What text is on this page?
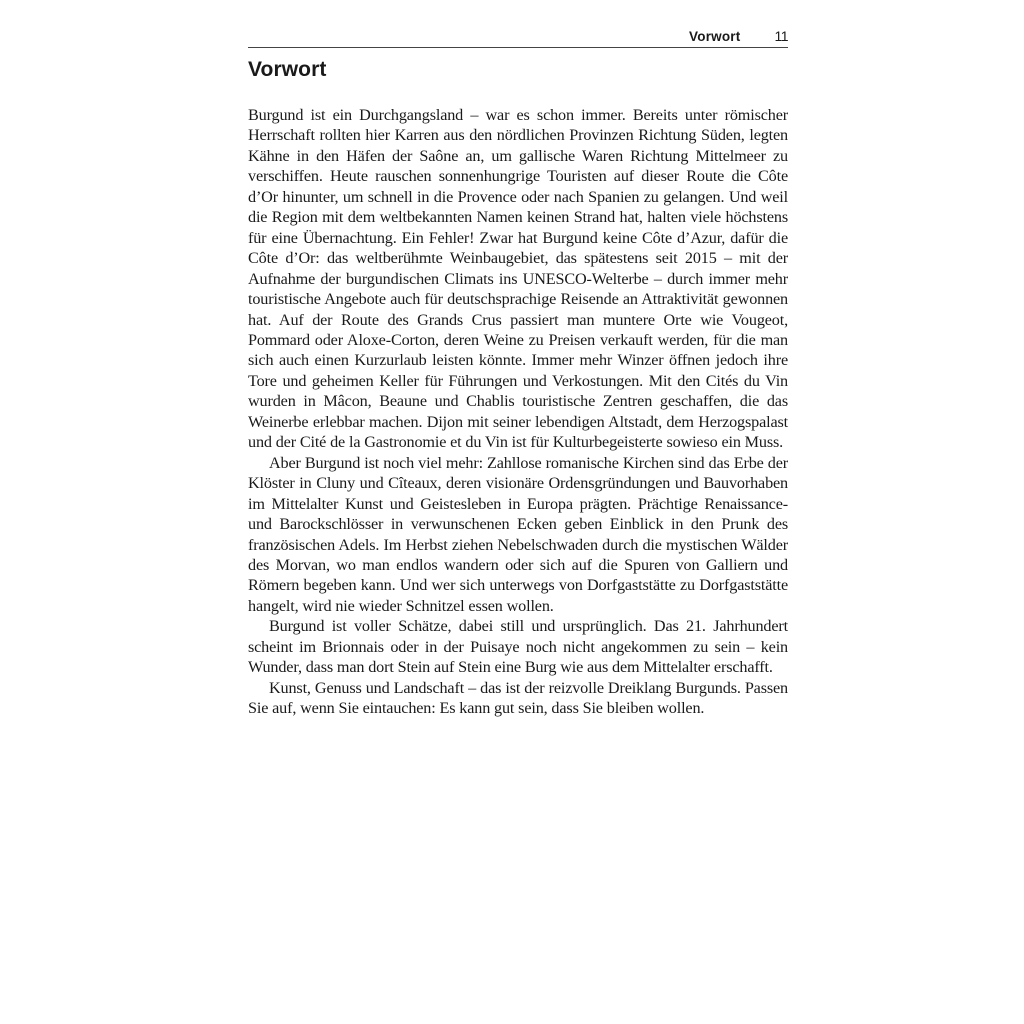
Vorwort 11
Vorwort

Burgund ist ein Durchgangsland – war es schon immer. Bereits unter römischer Herrschaft rollten hier Karren aus den nördlichen Provinzen Richtung Süden, legten Kähne in den Häfen der Saône an, um gallische Waren Richtung Mittelmeer zu verschiffen. Heute rauschen sonnenhungrige Touristen auf dieser Route die Côte d’Or hinunter, um schnell in die Provence oder nach Spanien zu gelangen. Und weil die Region mit dem weltbekannten Namen keinen Strand hat, halten viele höchstens für eine Übernachtung. Ein Fehler! Zwar hat Burgund keine Côte d’Azur, dafür die Côte d’Or: das weltberühmte Weinbaugebiet, das spätestens seit 2015 – mit der Aufnahme der burgundischen Climats ins UNESCO-Welterbe – durch immer mehr touristische Angebote auch für deutschsprachige Reisende an Attraktivität gewonnen hat. Auf der Route des Grands Crus passiert man muntere Orte wie Vougeot, Pommard oder Aloxe-Corton, deren Weine zu Preisen verkauft werden, für die man sich auch einen Kurzurlaub leisten könnte. Immer mehr Winzer öffnen jedoch ihre Tore und geheimen Keller für Führungen und Verkostungen. Mit den Cités du Vin wurden in Mâcon, Beaune und Chablis touristische Zentren geschaffen, die das Weinerbe erlebbar machen. Dijon mit seiner lebendigen Altstadt, dem Herzogspalast und der Cité de la Gastronomie et du Vin ist für Kulturbegeisterte sowieso ein Muss.

Aber Burgund ist noch viel mehr: Zahllose romanische Kirchen sind das Erbe der Klöster in Cluny und Cîteaux, deren visionäre Ordensgründungen und Bauvorhaben im Mittelalter Kunst und Geistesleben in Europa prägten. Prächtige Renaissance- und Barockschlösser in verwunschenen Ecken geben Einblick in den Prunk des französischen Adels. Im Herbst ziehen Nebelschwaden durch die mystischen Wälder des Morvan, wo man endlos wandern oder sich auf die Spuren von Galliern und Römern begeben kann. Und wer sich unterwegs von Dorfgaststätte zu Dorfgaststätte hangelt, wird nie wieder Schnitzel essen wollen.

Burgund ist voller Schätze, dabei still und ursprünglich. Das 21. Jahrhundert scheint im Brionnais oder in der Puisaye noch nicht angekommen zu sein – kein Wunder, dass man dort Stein auf Stein eine Burg wie aus dem Mittelalter erschafft.

Kunst, Genuss und Landschaft – das ist der reizvolle Dreiklang Burgunds. Passen Sie auf, wenn Sie eintauchen: Es kann gut sein, dass Sie bleiben wollen.
